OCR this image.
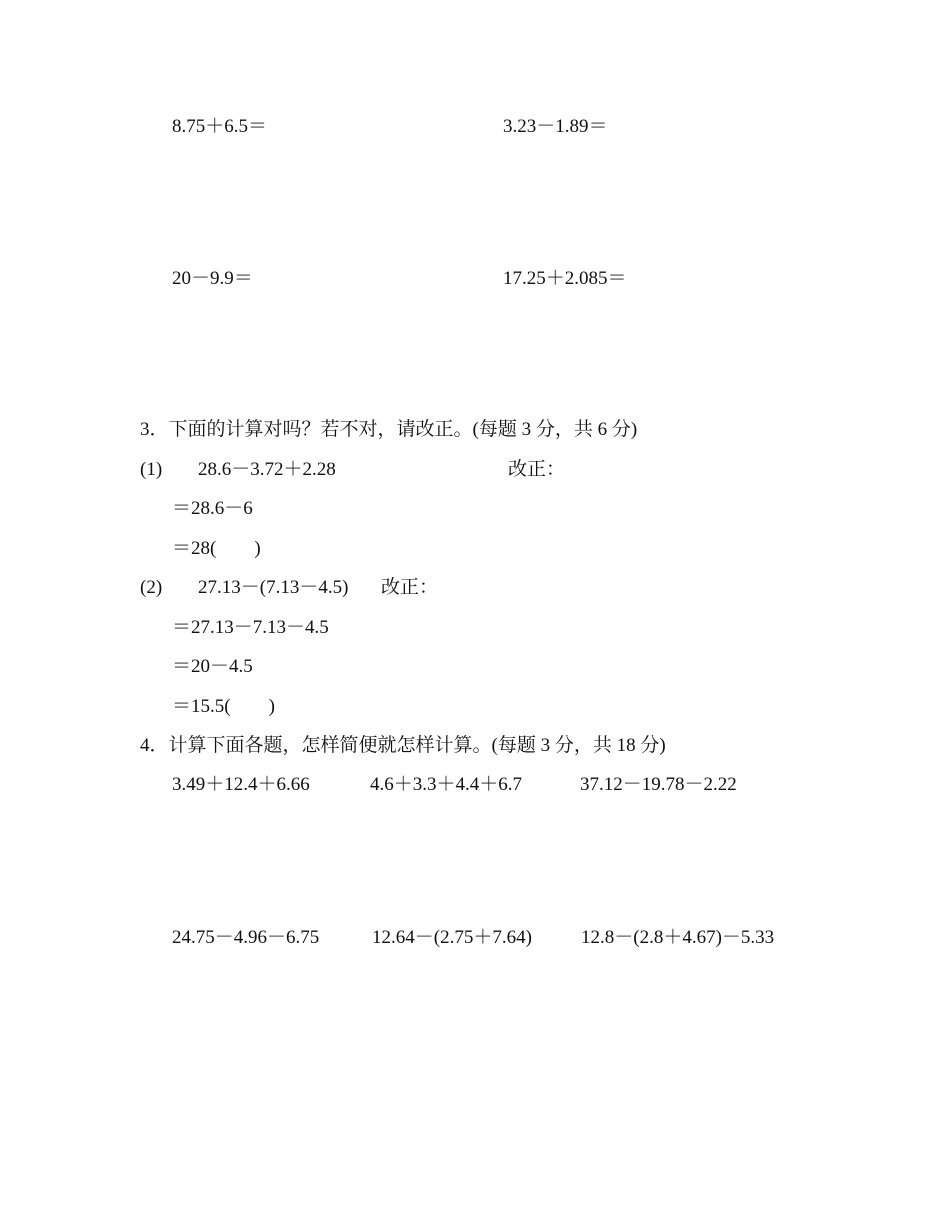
8.75＋6.5＝	3.23－1.89＝
20－9.9＝	17.25＋2.085＝
3．下面的计算对吗？若不对，请改正。(每题 3 分，共 6 分)
(1) 28.6－3.72＋2.28	改正：
＝28.6－6
＝28(　　)
(2) 27.13－(7.13－4.5) 改正：
＝27.13－7.13－4.5
＝20－4.5
＝15.5(　　)
4．计算下面各题，怎样简便就怎样计算。(每题 3 分，共 18 分)
3.49＋12.4＋6.66	4.6＋3.3＋4.4＋6.7	37.12－19.78－2.22
24.75－4.96－6.75	12.64－(2.75＋7.64)	12.8－(2.8＋4.67)－5.33
